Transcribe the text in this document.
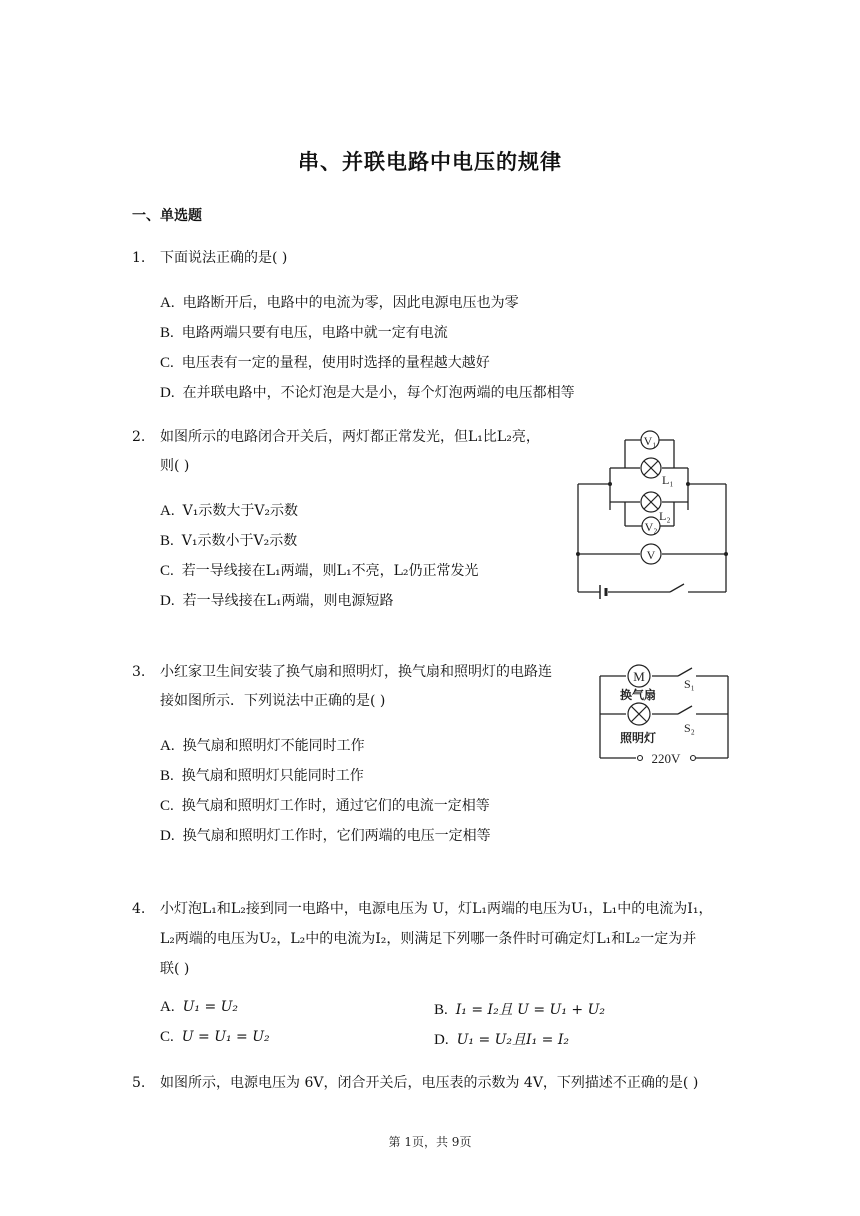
串、并联电路中电压的规律
一、单选题
1. 下面说法正确的是( )
A. 电路断开后，电路中的电流为零，因此电源电压也为零
B. 电路两端只要有电压，电路中就一定有电流
C. 电压表有一定的量程，使用时选择的量程越大越好
D. 在并联电路中，不论灯泡是大是小，每个灯泡两端的电压都相等
2. 如图所示的电路闭合开关后，两灯都正常发光，但L₁比L₂亮，
则( )
A. V₁示数大于V₂示数
B. V₁示数小于V₂示数
C. 若一导线接在L₁两端，则L₁不亮，L₂仍正常发光
D. 若一导线接在L₁两端，则电源短路
V₁
L₁
L₂
V₂
V
3. 小红家卫生间安装了换气扇和照明灯，换气扇和照明灯的电路连
接如图所示．下列说法中正确的是( )
A. 换气扇和照明灯不能同时工作
B. 换气扇和照明灯只能同时工作
C. 换气扇和照明灯工作时，通过它们的电流一定相等
D. 换气扇和照明灯工作时，它们两端的电压一定相等
M
换气扇
S₁
照明灯
S₂
220V
4. 小灯泡L₁和L₂接到同一电路中，电源电压为 U，灯L₁两端的电压为U₁，L₁中的电流为I₁，
L₂两端的电压为U₂，L₂中的电流为I₂，则满足下列哪一条件时可确定灯L₁和L₂一定为并
联( )
A. U₁ = U₂	B. I₁ = I₂且 U = U₁ + U₂
C. U = U₁ = U₂	D. U₁ = U₂且I₁ = I₂
5. 如图所示，电源电压为 6V，闭合开关后，电压表的示数为 4V，下列描述不正确的是( )
第 1页，共 9页
